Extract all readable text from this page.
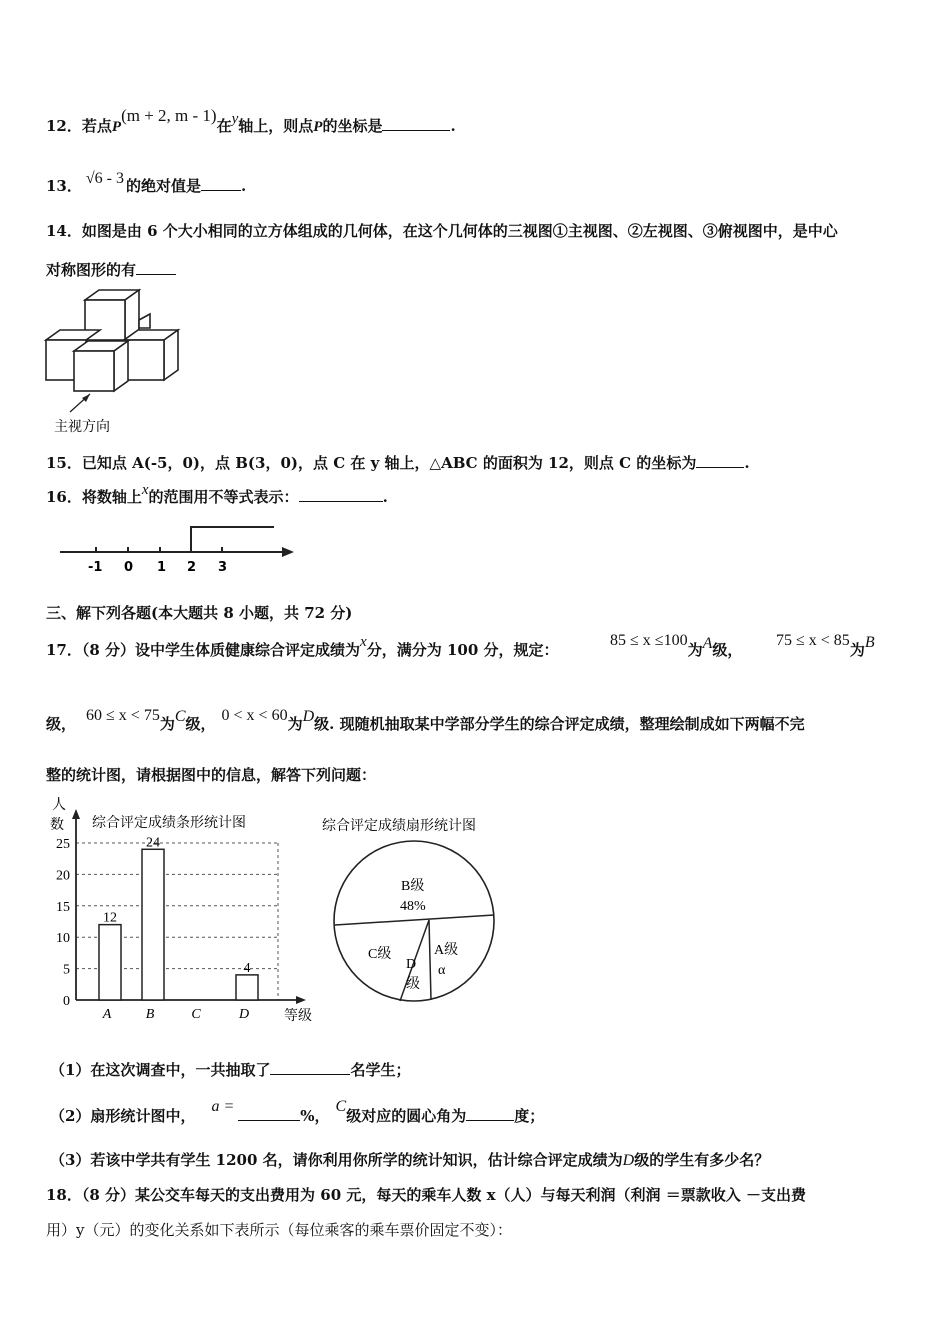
12．若点P(m + 2, m - 1)在y轴上，则点P的坐标是	.
13． √6 - 3 的绝对值是	.
14．如图是由 6 个大小相同的立方体组成的几何体，在这个几何体的三视图①主视图、②左视图、③俯视图中，是中心
对称图形的有
主视方向
15．已知点 A(-5，0)，点 B(3，0)，点 C 在 y 轴上，△ABC 的面积为 12，则点 C 的坐标为	.
16．将数轴上x的范围用不等式表示：	.
-1 0 1 2 3
三、解下列各题(本大题共 8 小题，共 72 分)
17．（8 分）设中学生体质健康综合评定成绩为x分，满分为 100 分，规定：
85 ≤ x ≤100为A级，
75 ≤ x < 85为B
级， 60 ≤ x < 75为C级， 0 < x < 60为D级. 现随机抽取某中学部分学生的综合评定成绩，整理绘制成如下两幅不完
整的统计图，请根据图中的信息，解答下列问题：
人
数 综合评定成绩条形统计图
0
5
10
15
20
25
12
A
24
B	C
4
D 等级
综合评定成绩扇形统计图
B级
48%
A级
α
C级
D
级
（1）在这次调查中，一共抽取了	名学生；
（2）扇形统计图中，a =%，C级对应的圆心角为	度；
（3）若该中学共有学生 1200 名，请你利用你所学的统计知识，估计综合评定成绩为D级的学生有多少名？
18．（8 分）某公交车每天的支出费用为 60 元，每天的乘车人数 x（人）与每天利润（利润 ＝票款收入 －支出费
用）y（元）的变化关系如下表所示（每位乘客的乘车票价固定不变）：
